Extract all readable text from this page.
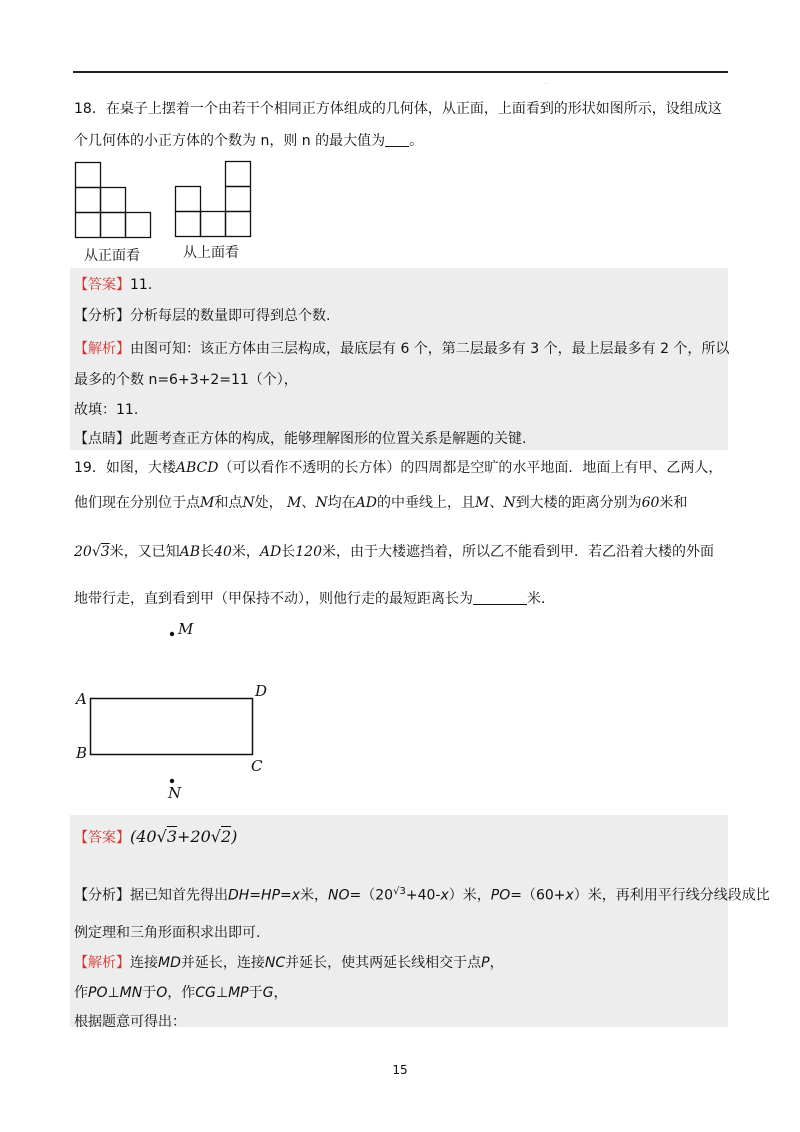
.
18．在桌子上摆着一个由若干个相同正方体组成的几何体，从正面，上面看到的形状如图所示，设组成这
个几何体的小正方体的个数为 n，则 n 的最大值为 。
从正面看	从上面看
【答案】11.
【分析】分析每层的数量即可得到总个数.
【解析】由图可知：该正方体由三层构成，最底层有 6 个，第二层最多有 3 个，最上层最多有 2 个，所以
最多的个数 n=6+3+2=11（个），
故填：11.
【点睛】此题考查正方体的构成，能够理解图形的位置关系是解题的关键.
19．如图，大楼ABCD（可以看作不透明的长方体）的四周都是空旷的水平地面．地面上有甲、乙两人，
他们现在分别位于点M和点N处， M、N均在AD的中垂线上，且M、N到大楼的距离分别为60米和
20√3米，又已知AB长40米，AD长120米，由于大楼遮挡着，所以乙不能看到甲．若乙沿着大楼的外面
地带行走，直到看到甲（甲保持不动），则他行走的最短距离长为	米．
M
A	D
B
C
N
【答案】(40√3+20√2)
【分析】据已知首先得出DH=HP=x米，$NO=(20^{√3}+40-x)$米，PO=（60+x）米，再利用平行线分线段成比
例定理和三角形面积求出即可.
【解析】连接MD并延长，连接NC并延长，使其两延长线相交于点P，
作PO⊥MN于O，作CG⊥MP于G，
根据题意可得出：
15
